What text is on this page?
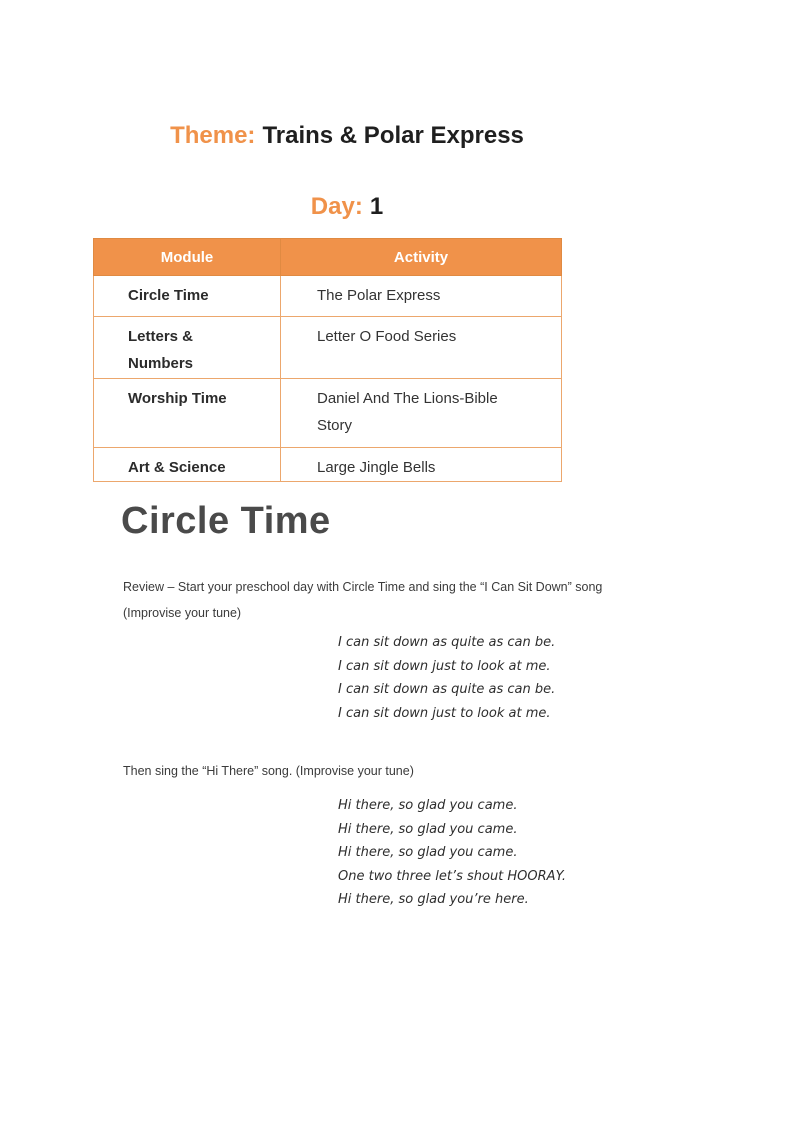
Theme: Trains & Polar Express
Day: 1
Module	Activity

Circle Time	The Polar Express

Letters & Numbers	Letter O Food Series

Worship Time	Daniel And The Lions-Bible Story

Art & Science	Large Jingle Bells
Circle Time

Review – Start your preschool day with Circle Time and sing the “I Can Sit Down” song (Improvise your tune)

I can sit down as quite as can be.
I can sit down just to look at me.
I can sit down as quite as can be.
I can sit down just to look at me.

Then sing the “Hi There” song. (Improvise your tune)

Hi there, so glad you came.
Hi there, so glad you came.
Hi there, so glad you came.
One two three let’s shout HOORAY.
Hi there, so glad you’re here.
